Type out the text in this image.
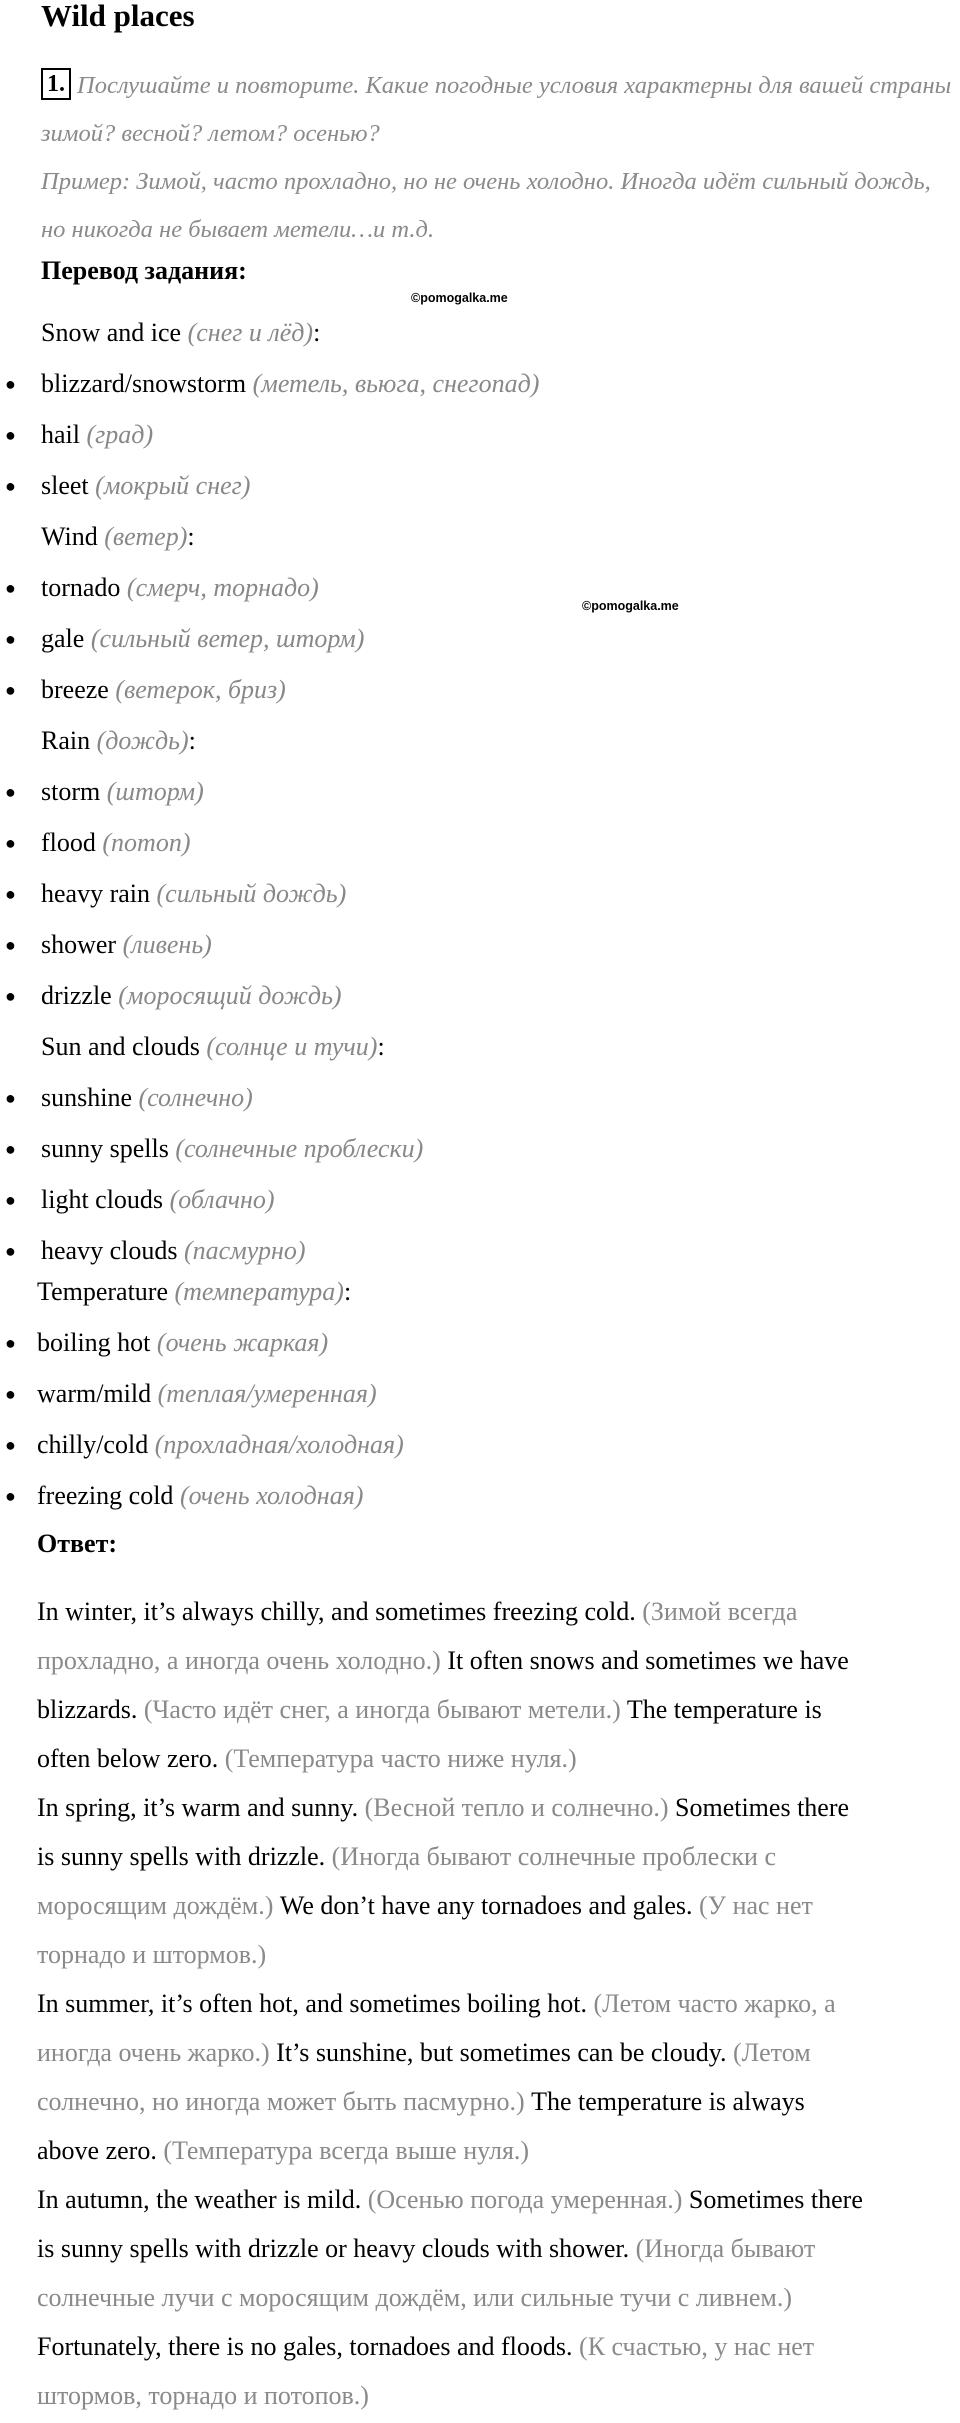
Wild places
1. Послушайте и повторите. Какие погодные условия характерны для вашей страны
зимой? весной? летом? осенью?
Пример: Зимой, часто прохладно, но не очень холодно. Иногда идёт сильный дождь,
но никогда не бывает метели…и т.д.
Перевод задания:
©pomogalka.me
©pomogalka.me
Snow and ice (снег и лёд):
● blizzard/snowstorm (метель, вьюга, снегопад)
● hail (град)
● sleet (мокрый снег)
Wind (ветер):
● tornado (смерч, торнадо)
● gale (сильный ветер, шторм)
● breeze (ветерок, бриз)
Rain (дождь):
● storm (шторм)
● flood (потоп)
● heavy rain (сильный дождь)
● shower (ливень)
● drizzle (моросящий дождь)
Sun and clouds (солнце и тучи):
● sunshine (солнечно)
● sunny spells (солнечные проблески)
● light clouds (облачно)
● heavy clouds (пасмурно)
Temperature (температура):
● boiling hot (очень жаркая)
● warm/mild (теплая/умеренная)
● chilly/cold (прохладная/холодная)
● freezing cold (очень холодная)
Ответ:
In winter, it’s always chilly, and sometimes freezing cold. (Зимой всегда
прохладно, а иногда очень холодно.) It often snows and sometimes we have
blizzards. (Часто идёт снег, а иногда бывают метели.) The temperature is
often below zero. (Температура часто ниже нуля.)
In spring, it’s warm and sunny. (Весной тепло и солнечно.) Sometimes there
is sunny spells with drizzle. (Иногда бывают солнечные проблески с
моросящим дождём.) We don’t have any tornadoes and gales. (У нас нет
торнадо и штормов.)
In summer, it’s often hot, and sometimes boiling hot. (Летом часто жарко, а
иногда очень жарко.) It’s sunshine, but sometimes can be cloudy. (Летом
солнечно, но иногда может быть пасмурно.) The temperature is always
above zero. (Температура всегда выше нуля.)
In autumn, the weather is mild. (Осенью погода умеренная.) Sometimes there
is sunny spells with drizzle or heavy clouds with shower. (Иногда бывают
солнечные лучи с моросящим дождём, или сильные тучи с ливнем.)
Fortunately, there is no gales, tornadoes and floods. (К счастью, у нас нет
штормов, торнадо и потопов.)
